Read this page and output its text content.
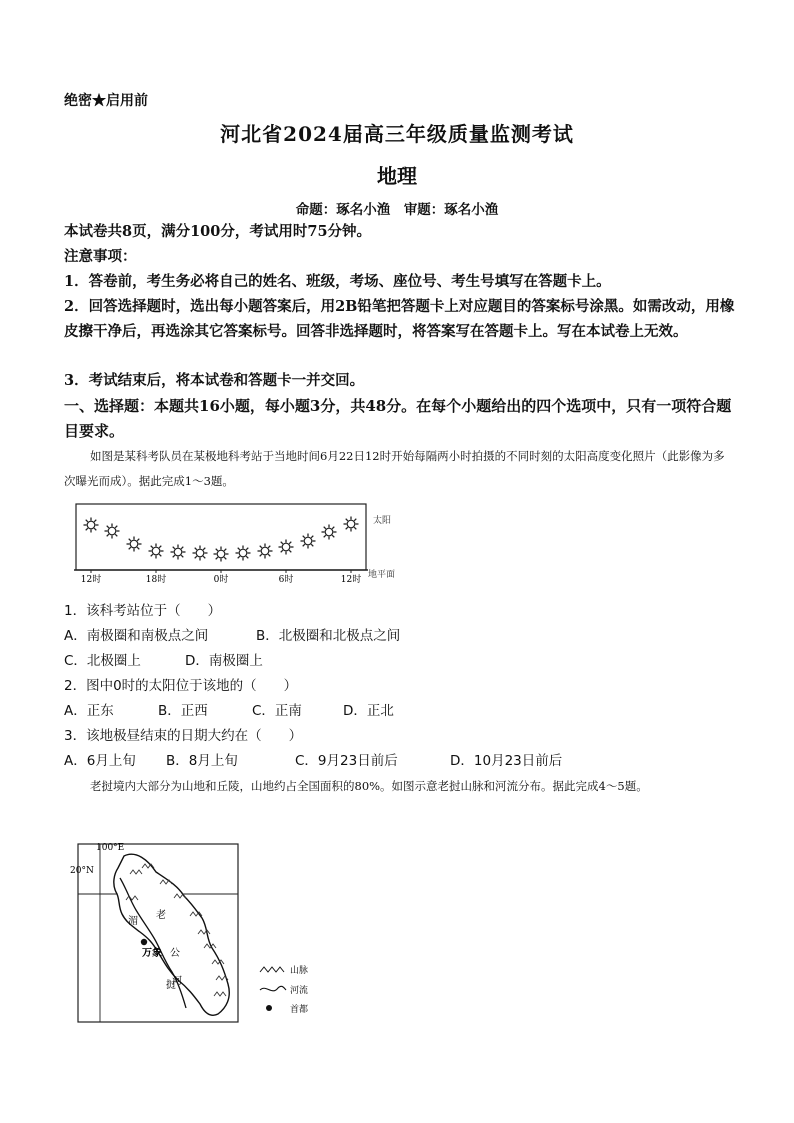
绝密★启用前
河北省2024届高三年级质量监测考试
地理
命题：琢名小渔　审题：琢名小渔
本试卷共8页，满分100分，考试用时75分钟。
注意事项：
1．答卷前，考生务必将自己的姓名、班级，考场、座位号、考生号填写在答题卡上。
2．回答选择题时，选出每小题答案后，用2B铅笔把答题卡上对应题目的答案标号涂黑。如需改动，用橡皮擦干净后，再选涂其它答案标号。回答非选择题时，将答案写在答题卡上。写在本试卷上无效。
3．考试结束后，将本试卷和答题卡一并交回。
一、选择题：本题共16小题，每小题3分，共48分。在每个小题给出的四个选项中，只有一项符合题目要求。
如图是某科考队员在某极地科考站于当地时间6月22日12时开始每隔两小时拍摄的不同时刻的太阳高度变化照片（此影像为多次曝光而成）。据此完成1～3题。
太阳
地平面
12时	18时	0时	6时	12时
1．该科考站位于（　　）
A．南极圈和南极点之间	B．北极圈和北极点之间
C．北极圈上	D．南极圈上
2．图中0时的太阳位于该地的（　　）
A．正东	B．正西	C．正南	D．正北
3．该地极昼结束的日期大约在（　　）
A．6月上旬 B．8月上旬	C．9月23日前后	D．10月23日前后
老挝境内大部分为山地和丘陵，山地约占全国面积的80%。如图示意老挝山脉和河流分布。据此完成4～5题。
100°E
20°N
万象
老
挝
湄
公
河
山脉
河流
首都
